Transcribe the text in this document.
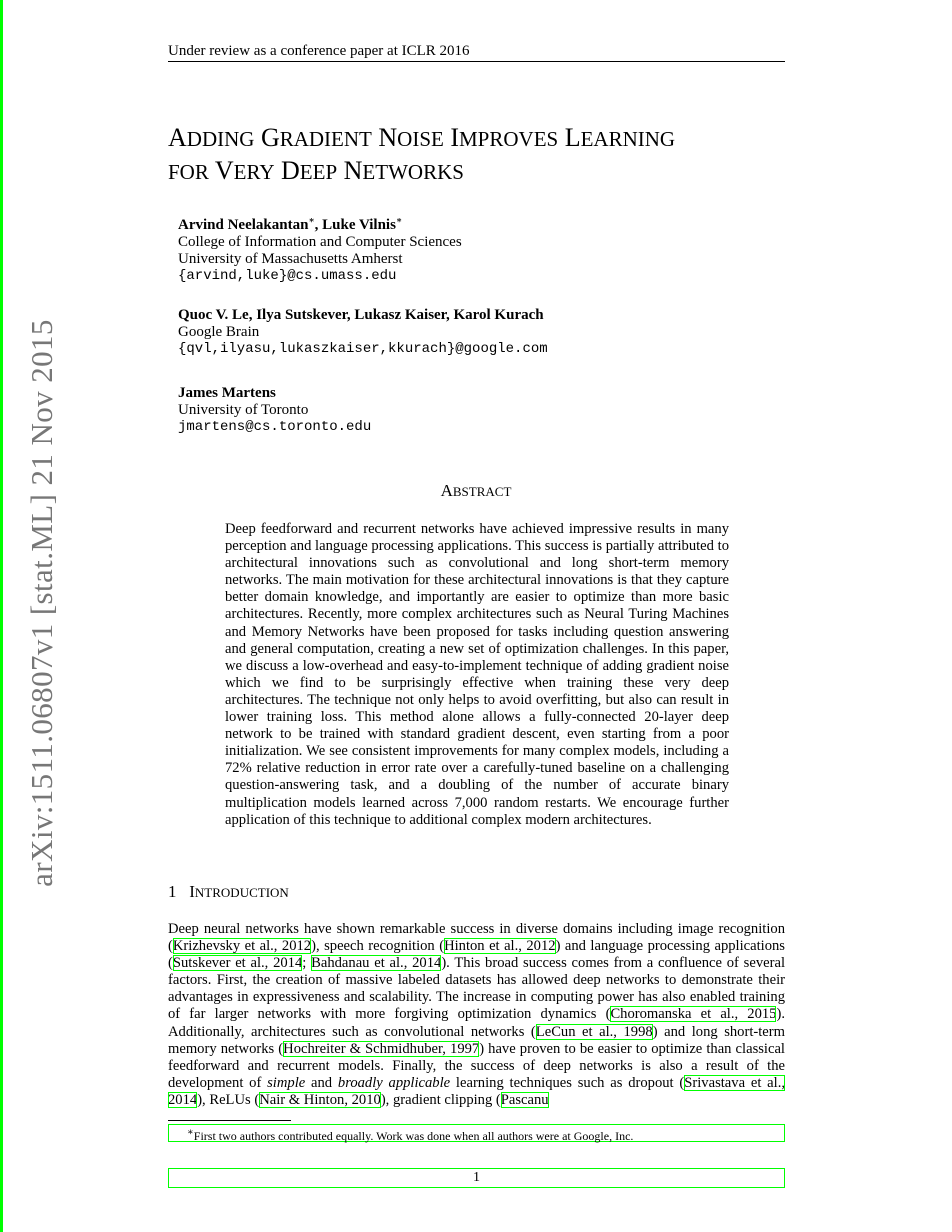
Under review as a conference paper at ICLR 2016
arXiv:1511.06807v1 [stat.ML] 21 Nov 2015
ADDING GRADIENT NOISE IMPROVES LEARNING
FOR VERY DEEP NETWORKS
Arvind Neelakantan∗, Luke Vilnis∗
College of Information and Computer Sciences
University of Massachusetts Amherst
{arvind,luke}@cs.umass.edu
Quoc V. Le, Ilya Sutskever, Lukasz Kaiser, Karol Kurach
Google Brain
{qvl,ilyasu,lukaszkaiser,kkurach}@google.com
James Martens
University of Toronto
jmartens@cs.toronto.edu
ABSTRACT
Deep feedforward and recurrent networks have achieved impressive results in many perception and language processing applications. This success is partially attributed to architectural innovations such as convolutional and long short-term memory networks. The main motivation for these architectural innovations is that they capture better domain knowledge, and importantly are easier to optimize than more basic architectures. Recently, more complex architectures such as Neural Turing Machines and Memory Networks have been proposed for tasks including question answering and general computation, creating a new set of optimization challenges. In this paper, we discuss a low-overhead and easy-to-implement technique of adding gradient noise which we find to be surprisingly effective when training these very deep architectures. The technique not only helps to avoid overfitting, but also can result in lower training loss. This method alone allows a fully-connected 20-layer deep network to be trained with standard gradient descent, even starting from a poor initialization. We see consistent improvements for many complex models, including a 72% relative reduction in error rate over a carefully-tuned baseline on a challenging question-answering task, and a doubling of the number of accurate binary multiplication models learned across 7,000 random restarts. We encourage further application of this technique to additional complex modern architectures.
1 INTRODUCTION
Deep neural networks have shown remarkable success in diverse domains including image recognition (Krizhevsky et al., 2012), speech recognition (Hinton et al., 2012) and language processing applications (Sutskever et al., 2014; Bahdanau et al., 2014). This broad success comes from a confluence of several factors. First, the creation of massive labeled datasets has allowed deep networks to demonstrate their advantages in expressiveness and scalability. The increase in computing power has also enabled training of far larger networks with more forgiving optimization dynamics (Choromanska et al., 2015). Additionally, architectures such as convolutional networks (LeCun et al., 1998) and long short-term memory networks (Hochreiter & Schmidhuber, 1997) have proven to be easier to optimize than classical feedforward and recurrent models. Finally, the success of deep networks is also a result of the development of simple and broadly applicable learning techniques such as dropout (Srivastava et al., 2014), ReLUs (Nair & Hinton, 2010), gradient clipping (Pascanu
∗First two authors contributed equally. Work was done when all authors were at Google, Inc.
1
